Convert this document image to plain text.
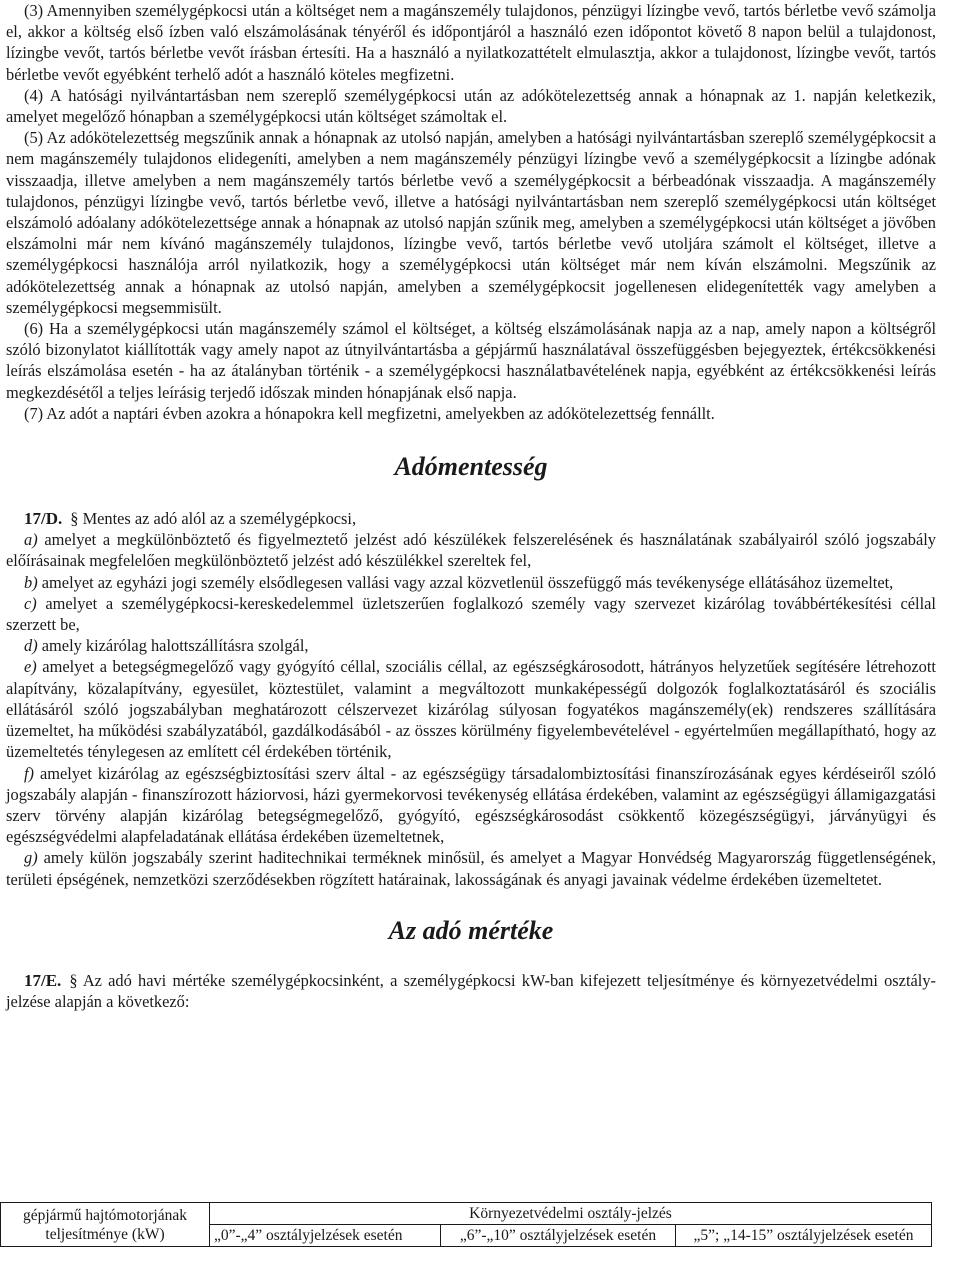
(3) Amennyiben személygépkocsi után a költséget nem a magánszemély tulajdonos, pénzügyi lízingbe vevő, tartós bérletbe vevő számolja el, akkor a költség első ízben való elszámolásának tényéről és időpontjáról a használó ezen időpontot követő 8 napon belül a tulajdonost, lízingbe vevőt, tartós bérletbe vevőt írásban értesíti. Ha a használó a nyilatkozattételt elmulasztja, akkor a tulajdonost, lízingbe vevőt, tartós bérletbe vevőt egyébként terhelő adót a használó köteles megfizetni.

(4) A hatósági nyilvántartásban nem szereplő személygépkocsi után az adókötelezettség annak a hónapnak az 1. napján keletkezik, amelyet megelőző hónapban a személygépkocsi után költséget számoltak el.

(5) Az adókötelezettség megszűnik annak a hónapnak az utolsó napján, amelyben a hatósági nyilvántartásban szereplő személygépkocsit a nem magánszemély tulajdonos elidegeníti, amelyben a nem magánszemély pénzügyi lízingbe vevő a személygépkocsit a lízingbe adónak visszaadja, illetve amelyben a nem magánszemély tartós bérletbe vevő a személygépkocsit a bérbeadónak visszaadja. A magánszemély tulajdonos, pénzügyi lízingbe vevő, tartós bérletbe vevő, illetve a hatósági nyilvántartásban nem szereplő személygépkocsi után költséget elszámoló adóalany adókötelezettsége annak a hónapnak az utolsó napján szűnik meg, amelyben a személygépkocsi után költséget a jövőben elszámolni már nem kívánó magánszemély tulajdonos, lízingbe vevő, tartós bérletbe vevő utoljára számolt el költséget, illetve a személygépkocsi használója arról nyilatkozik, hogy a személygépkocsi után költséget már nem kíván elszámolni. Megszűnik az adókötelezettség annak a hónapnak az utolsó napján, amelyben a személygépkocsit jogellenesen elidegenítették vagy amelyben a személygépkocsi megsemmisült.

(6) Ha a személygépkocsi után magánszemély számol el költséget, a költség elszámolásának napja az a nap, amely napon a költségről szóló bizonylatot kiállították vagy amely napot az útnyilvántartásba a gépjármű használatával összefüggésben bejegyeztek, értékcsökkenési leírás elszámolása esetén - ha az átalányban történik - a személygépkocsi használatbavételének napja, egyébként az értékcsökkenési leírás megkezdésétől a teljes leírásig terjedő időszak minden hónapjának első napja.

(7) Az adót a naptári évben azokra a hónapokra kell megfizetni, amelyekben az adókötelezettség fennállt.

Adómentesség

17/D. § Mentes az adó alól az a személygépkocsi,

a) amelyet a megkülönböztető és figyelmeztető jelzést adó készülékek felszerelésének és használatának szabályairól szóló jogszabály előírásainak megfelelően megkülönböztető jelzést adó készülékkel szereltek fel,

b) amelyet az egyházi jogi személy elsődlegesen vallási vagy azzal közvetlenül összefüggő más tevékenysége ellátásához üzemeltet,

c) amelyet a személygépkocsi-kereskedelemmel üzletszerűen foglalkozó személy vagy szervezet kizárólag továbbértékesítési céllal szerzett be,

d) amely kizárólag halottszállításra szolgál,

e) amelyet a betegségmegelőző vagy gyógyító céllal, szociális céllal, az egészségkárosodott, hátrányos helyzetűek segítésére létrehozott alapítvány, közalapítvány, egyesület, köztestület, valamint a megváltozott munkaképességű dolgozók foglalkoztatásáról és szociális ellátásáról szóló jogszabályban meghatározott célszervezet kizárólag súlyosan fogyatékos magánszemély(ek) rendszeres szállítására üzemeltet, ha működési szabályzatából, gazdálkodásából - az összes körülmény figyelembevételével - egyértelműen megállapítható, hogy az üzemeltetés ténylegesen az említett cél érdekében történik,

f) amelyet kizárólag az egészségbiztosítási szerv által - az egészségügy társadalombiztosítási finanszírozásának egyes kérdéseiről szóló jogszabály alapján - finanszírozott háziorvosi, házi gyermekorvosi tevékenység ellátása érdekében, valamint az egészségügyi államigazgatási szerv törvény alapján kizárólag betegségmegelőző, gyógyító, egészségkárosodást csökkentő közegészségügyi, járványügyi és egészségvédelmi alapfeladatának ellátása érdekében üzemeltetnek,

g) amely külön jogszabály szerint haditechnikai terméknek minősül, és amelyet a Magyar Honvédség Magyarország függetlenségének, területi épségének, nemzetközi szerződésekben rögzített határainak, lakosságának és anyagi javainak védelme érdekében üzemeltetet.

Az adó mértéke

17/E. § Az adó havi mértéke személygépkocsinként, a személygépkocsi kW-ban kifejezett teljesítménye és környezetvédelmi osztály-jelzése alapján a következő:

gépjármű hajtómotorjának teljesítménye (kW)	Környezetvédelmi osztály-jelzés		
	„0”-„4” osztályjelzések esetén	„6”-„10” osztályjelzések esetén	„5”; „14-15” osztályjelzések esetén
